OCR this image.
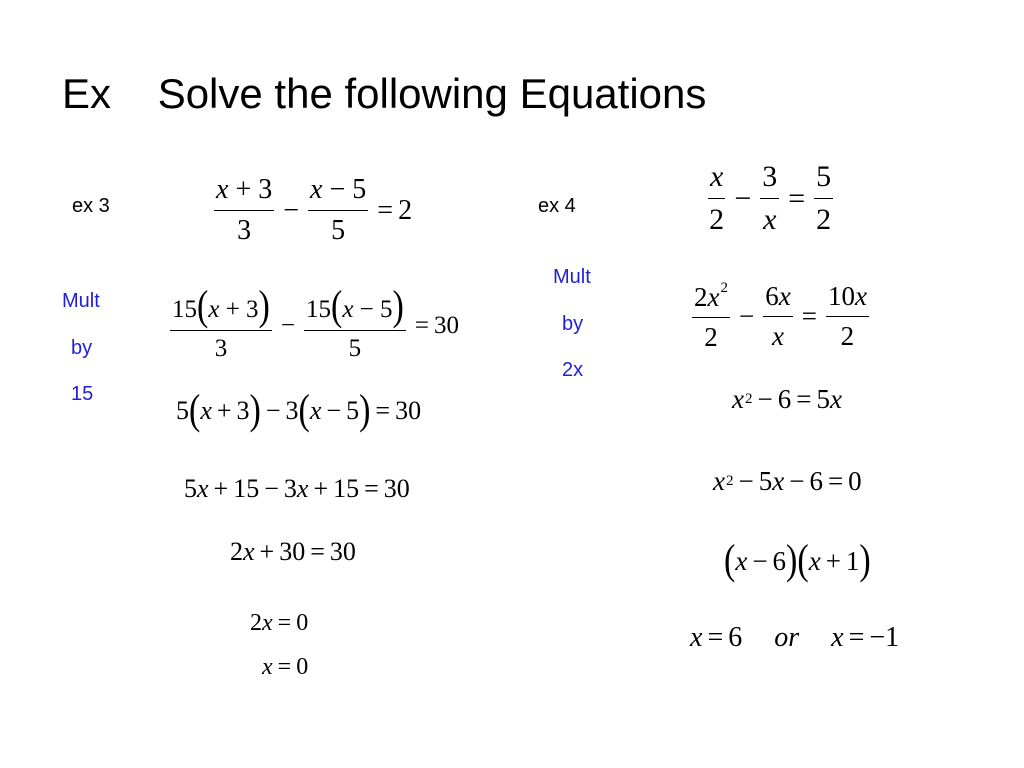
Ex    Solve the following Equations
ex 3
Mult
by
15
$\frac{x + 3}{3} - \frac{x - 5}{5} = 2$
$\frac{15(x + 3)}{3} - \frac{15(x - 5)}{5} = 30$
5 ( x + 3 ) − 3 ( x − 5 ) = 30
5 x + 15 − 3 x + 15 = 30
2 x + 30 = 30
2 x = 0
x = 0
ex 4
Mult
by
2x
$\frac{x}{2} - \frac{3}{x} = \frac{5}{2}$
$\frac{2x^2}{2} - \frac{6x}{x} = \frac{10x}{2}$
x 2 − 6 = 5 x
x 2 − 5 x − 6 = 0
( x − 6 ) ( x + 1 )
x = 6 or x = − 1
